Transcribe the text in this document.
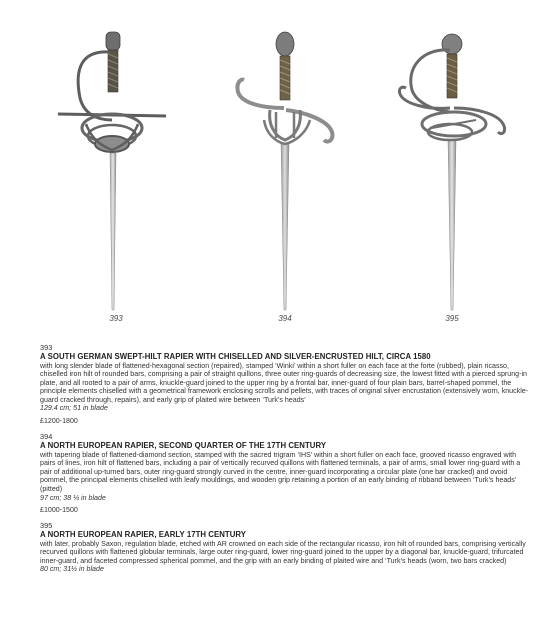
393	394	395
393
A SOUTH GERMAN SWEPT-HILT RAPIER WITH CHISELLED AND SILVER-ENCRUSTED HILT, CIRCA 1580

with long slender blade of flattened-hexagonal section (repaired), stamped ‘Winki’ within a short fuller on each face at the forte (rubbed), plain ricasso, chiselled iron hilt of rounded bars, comprising a pair of straight quillons, three outer ring-guards of decreasing size, the lowest fitted with a pierced sprung-in plate, and all rooted to a pair of arms, knuckle-guard joined to the upper ring by a frontal bar, inner-guard of four plain bars, barrel-shaped pommel, the principle elements chiselled with a geometrical framework enclosing scrolls and pellets, with traces of original silver encrustation (extensively worn, knuckle-guard cracked through, repairs), and early grip of plaited wire between ‘Turk’s heads’

129.4 cm; 51 in blade
£1200-1800
394
A NORTH EUROPEAN RAPIER, SECOND QUARTER OF THE 17TH CENTURY

with tapering blade of flattened-diamond section, stamped with the sacred trigram ‘IHS’ within a short fuller on each face, grooved ricasso engraved with pairs of lines, iron hilt of flattened bars, including a pair of vertically recurved quillons with flattened terminals, a pair of arms, small lower ring-guard with a pair of additional up-turned bars, outer ring-guard strongly curved in the centre, inner-guard incorporating a circular plate (one bar cracked) and ovoid pommel, the principal elements chiselled with leafy mouldings, and wooden grip retaining a portion of an early binding of ribband between ‘Turk’s heads’ (pitted)

97 cm; 38 ¼ in blade
£1000-1500
395
A NORTH EUROPEAN RAPIER, EARLY 17TH CENTURY

with later, probably Saxon, regulation blade, etched with AR crowned on each side of the rectangular ricasso, iron hilt of rounded bars, comprising vertically recurved quillons with flattened globular terminals, large outer ring-guard, lower ring-guard joined to the upper by a diagonal bar, knuckle-guard, trifurcated inner-guard, and faceted compressed spherical pommel, and the grip with an early binding of plaited wire and ‘Turk’s heads (worn, two bars cracked)

80 cm; 31½ in blade
